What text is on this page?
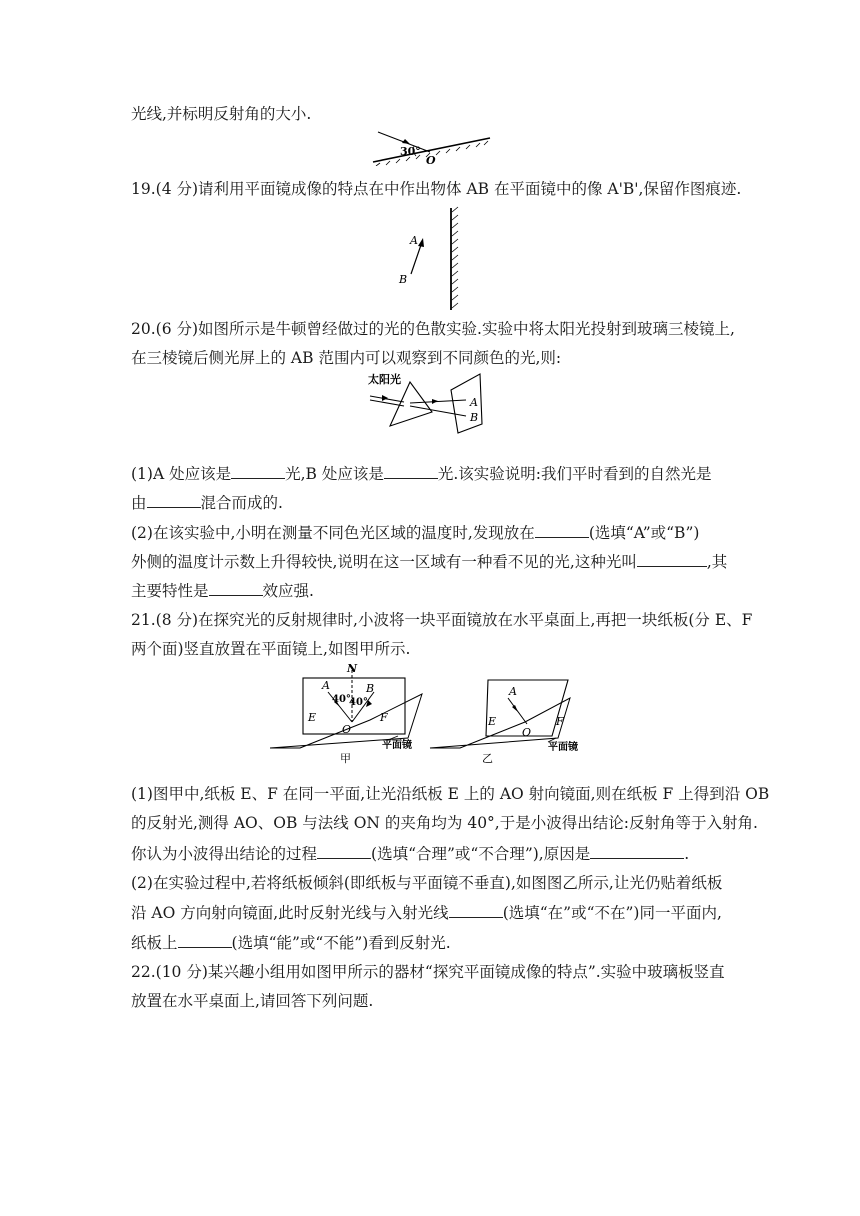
光线,并标明反射角的大小.
30°
O
19.(4 分)请利用平面镜成像的特点在中作出物体 AB 在平面镜中的像 A'B',保留作图痕迹.
A
B
20.(6 分)如图所示是牛顿曾经做过的光的色散实验.实验中将太阳光投射到玻璃三棱镜上,
在三棱镜后侧光屏上的 AB 范围内可以观察到不同颜色的光,则:
太阳光
A
B
(1)A 处应该是	光,B 处应该是	光.该实验说明:我们平时看到的自然光是
由	混合而成的.
(2)在该实验中,小明在测量不同色光区域的温度时,发现放在	(选填“A”或“B”)
外侧的温度计示数上升得较快,说明在这一区域有一种看不见的光,这种光叫	,其
主要特性是	效应强.
21.(8 分)在探究光的反射规律时,小波将一块平面镜放在水平桌面上,再把一块纸板(分 E、F
两个面)竖直放置在平面镜上,如图甲所示.
N
A	B
40°
40°
E	F
O
平面镜
甲
A
E	F
O
平面镜
乙
(1)图甲中,纸板 E、F 在同一平面,让光沿纸板 E 上的 AO 射向镜面,则在纸板 F 上得到沿 OB
的反射光,测得 AO、OB 与法线 ON 的夹角均为 40°,于是小波得出结论:反射角等于入射角.
你认为小波得出结论的过程	(选填“合理”或“不合理”),原因是	.
(2)在实验过程中,若将纸板倾斜(即纸板与平面镜不垂直),如图图乙所示,让光仍贴着纸板
沿 AO 方向射向镜面,此时反射光线与入射光线	(选填“在”或“不在”)同一平面内,
纸板上	(选填“能”或“不能”)看到反射光.
22.(10 分)某兴趣小组用如图甲所示的器材“探究平面镜成像的特点”.实验中玻璃板竖直
放置在水平桌面上,请回答下列问题.
